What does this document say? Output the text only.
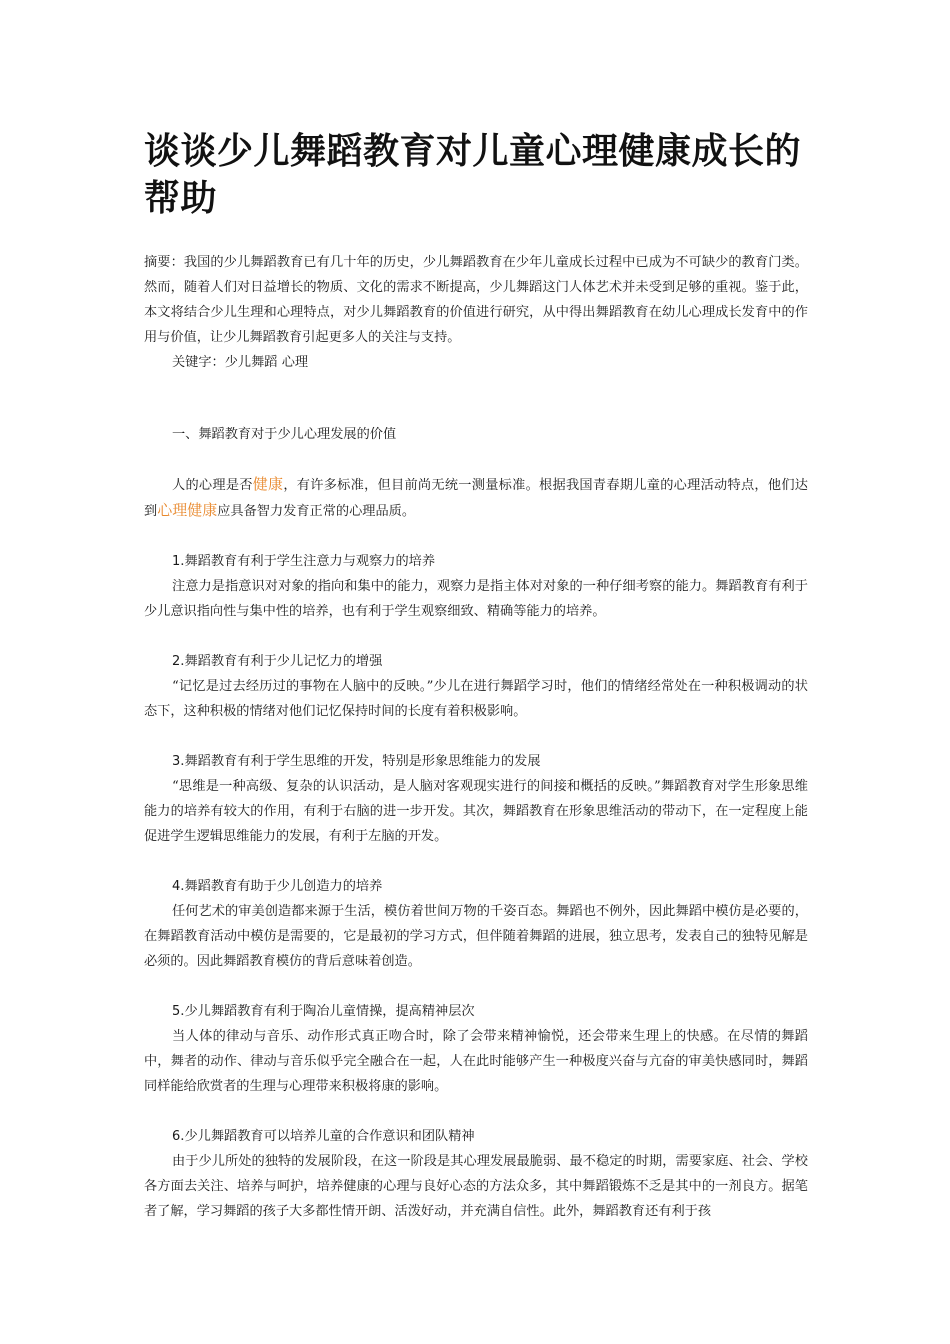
谈谈少儿舞蹈教育对儿童心理健康成长的帮助

摘要：我国的少儿舞蹈教育已有几十年的历史，少儿舞蹈教育在少年儿童成长过程中已成为不可缺少的教育门类。然而，随着人们对日益增长的物质、文化的需求不断提高，少儿舞蹈这门人体艺术并未受到足够的重视。鉴于此，本文将结合少儿生理和心理特点，对少儿舞蹈教育的价值进行研究，从中得出舞蹈教育在幼儿心理成长发育中的作用与价值，让少儿舞蹈教育引起更多人的关注与支持。

关键字：少儿舞蹈 心理

一、舞蹈教育对于少儿心理发展的价值

人的心理是否健康，有许多标准，但目前尚无统一测量标准。根据我国青春期儿童的心理活动特点，他们达到心理健康应具备智力发育正常的心理品质。

1.舞蹈教育有利于学生注意力与观察力的培养

注意力是指意识对对象的指向和集中的能力，观察力是指主体对对象的一种仔细考察的能力。舞蹈教育有利于少儿意识指向性与集中性的培养，也有利于学生观察细致、精确等能力的培养。

2.舞蹈教育有利于少儿记忆力的增强

“记忆是过去经历过的事物在人脑中的反映。”少儿在进行舞蹈学习时，他们的情绪经常处在一种积极调动的状态下，这种积极的情绪对他们记忆保持时间的长度有着积极影响。

3.舞蹈教育有利于学生思维的开发，特别是形象思维能力的发展

“思维是一种高级、复杂的认识活动，是人脑对客观现实进行的间接和概括的反映。”舞蹈教育对学生形象思维能力的培养有较大的作用，有利于右脑的进一步开发。其次，舞蹈教育在形象思维活动的带动下，在一定程度上能促进学生逻辑思维能力的发展，有利于左脑的开发。

4.舞蹈教育有助于少儿创造力的培养

任何艺术的审美创造都来源于生活，模仿着世间万物的千姿百态。舞蹈也不例外，因此舞蹈中模仿是必要的，在舞蹈教育活动中模仿是需要的，它是最初的学习方式，但伴随着舞蹈的进展，独立思考，发表自己的独特见解是必须的。因此舞蹈教育模仿的背后意味着创造。

5.少儿舞蹈教育有利于陶冶儿童情操，提高精神层次

当人体的律动与音乐、动作形式真正吻合时，除了会带来精神愉悦，还会带来生理上的快感。在尽情的舞蹈中，舞者的动作、律动与音乐似乎完全融合在一起，人在此时能够产生一种极度兴奋与亢奋的审美快感同时，舞蹈同样能给欣赏者的生理与心理带来积极将康的影响。

6.少儿舞蹈教育可以培养儿童的合作意识和团队精神

由于少儿所处的独特的发展阶段，在这一阶段是其心理发展最脆弱、最不稳定的时期，需要家庭、社会、学校各方面去关注、培养与呵护，培养健康的心理与良好心态的方法众多，其中舞蹈锻炼不乏是其中的一剂良方。据笔者了解，学习舞蹈的孩子大多都性情开朗、活泼好动，并充满自信性。此外，舞蹈教育还有利于孩
